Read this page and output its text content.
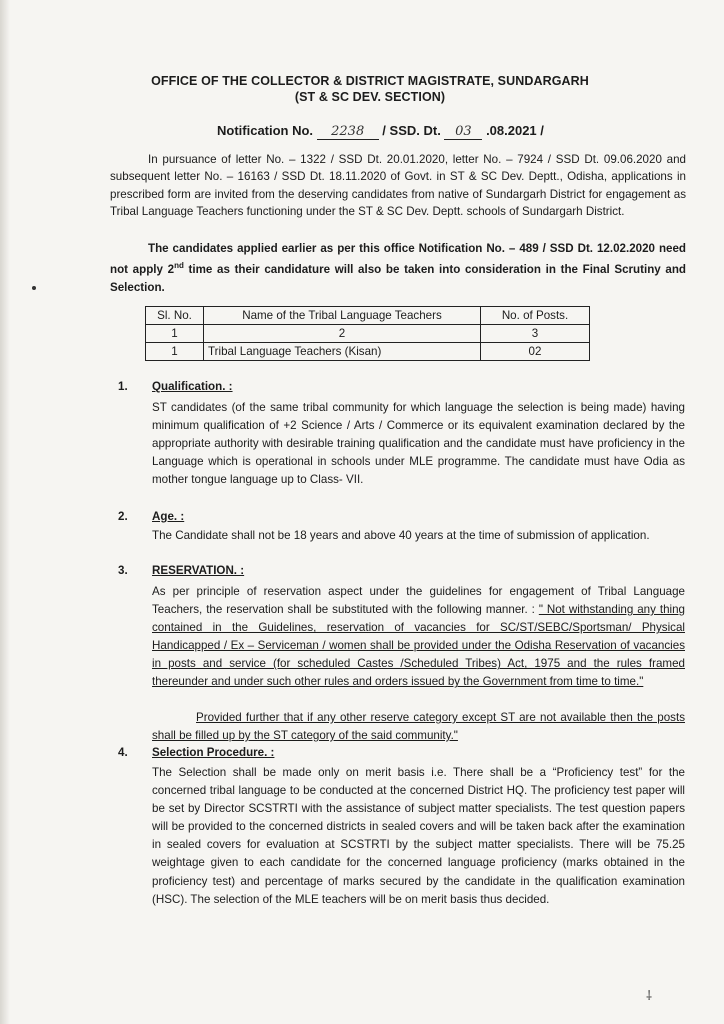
OFFICE OF THE COLLECTOR & DISTRICT MAGISTRATE, SUNDARGARH
(ST & SC DEV. SECTION)
Notification No. 2238 / SSD. Dt. 03 .08.2021 /
In pursuance of letter No. – 1322 / SSD Dt. 20.01.2020, letter No. – 7924 / SSD Dt. 09.06.2020 and subsequent letter No. – 16163 / SSD Dt. 18.11.2020 of Govt. in ST & SC Dev. Deptt., Odisha, applications in prescribed form are invited from the deserving candidates from native of Sundargarh District for engagement as Tribal Language Teachers functioning under the ST & SC Dev. Deptt. schools of Sundargarh District.
The candidates applied earlier as per this office Notification No. – 489 / SSD Dt. 12.02.2020 need not apply 2nd time as their candidature will also be taken into consideration in the Final Scrutiny and Selection.
Sl. No.	Name of the Tribal Language Teachers	No. of Posts.
1	2	3
1	Tribal Language Teachers (Kisan)	02
1. Qualification. :
ST candidates (of the same tribal community for which language the selection is being made) having minimum qualification of +2 Science / Arts / Commerce or its equivalent examination declared by the appropriate authority with desirable training qualification and the candidate must have proficiency in the Language which is operational in schools under MLE programme. The candidate must have Odia as mother tongue language up to Class- VII.
2. Age. :
The Candidate shall not be 18 years and above 40 years at the time of submission of application.
3. RESERVATION. :
As per principle of reservation aspect under the guidelines for engagement of Tribal Language Teachers, the reservation shall be substituted with the following manner. : " Not withstanding any thing contained in the Guidelines, reservation of vacancies for SC/ST/SEBC/Sportsman/ Physical Handicapped / Ex – Serviceman / women shall be provided under the Odisha Reservation of vacancies in posts and service (for scheduled Castes /Scheduled Tribes) Act, 1975 and the rules framed thereunder and under such other rules and orders issued by the Government from time to time."
Provided further that if any other reserve category except ST are not available then the posts shall be filled up by the ST category of the said community."
4. Selection Procedure. :
The Selection shall be made only on merit basis i.e. There shall be a “Proficiency test” for the concerned tribal language to be conducted at the concerned District HQ. The proficiency test paper will be set by Director SCSTRTI with the assistance of subject matter specialists. The test question papers will be provided to the concerned districts in sealed covers and will be taken back after the examination in sealed covers for evaluation at SCSTRTI by the subject matter specialists. There will be 75.25 weightage given to each candidate for the concerned language proficiency (marks obtained in the proficiency test) and percentage of marks secured by the candidate in the qualification examination (HSC). The selection of the MLE teachers will be on merit basis thus decided.
⸸
